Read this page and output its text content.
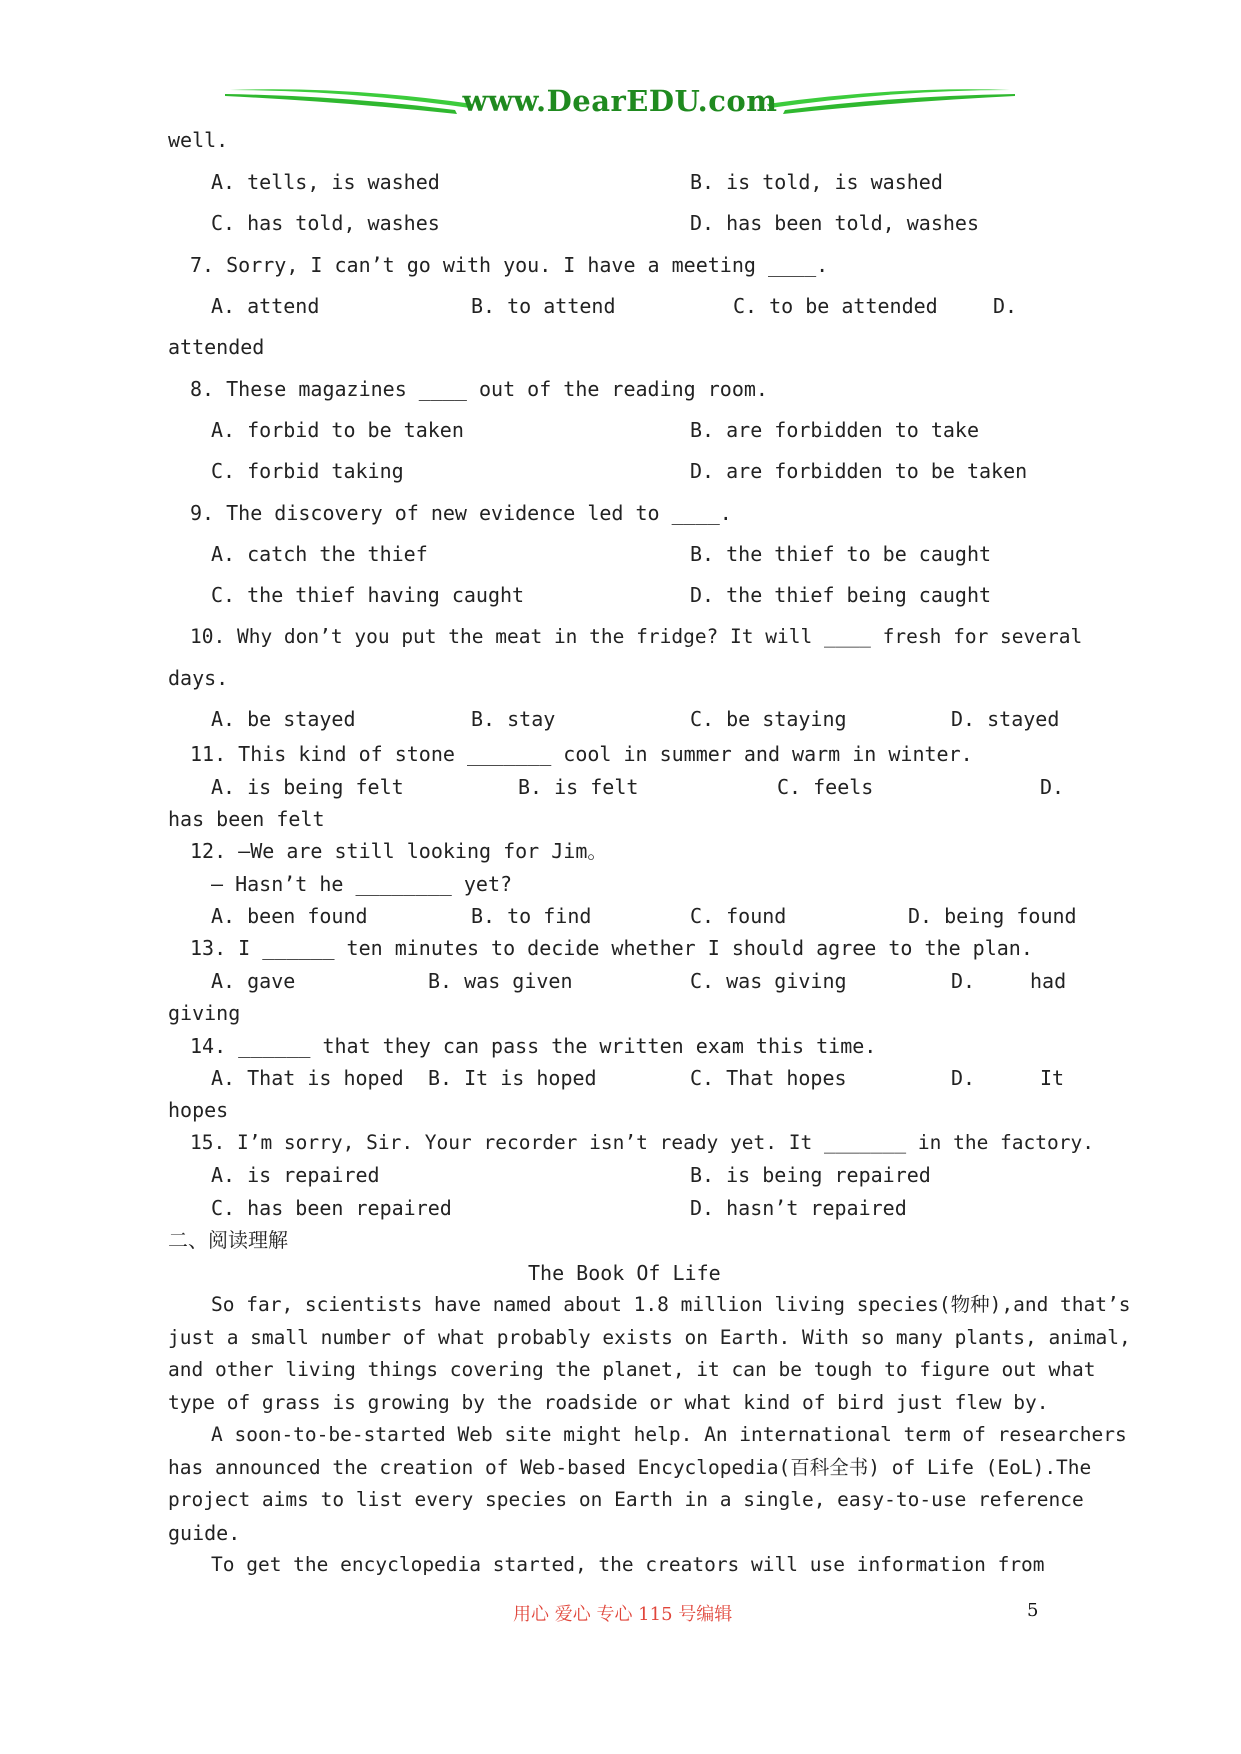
www.DearEDU.com
well.
A. tells, is washed	B. is told, is washed
C. has told, washes	D. has been told, washes
7. Sorry, I can’t go with you. I have a meeting ____.
A. attend	B. to attend	C. to be attended	D.
attended
8. These magazines ____ out of the reading room.
A. forbid to be taken	B. are forbidden to take
C. forbid taking	D. are forbidden to be taken
9. The discovery of new evidence led to ____.
A. catch the thief	B. the thief to be caught
C. the thief having caught	D. the thief being caught
10. Why don’t you put the meat in the fridge? It will ____ fresh for several
days.
A. be stayed	B. stay	C. be staying	D. stayed
11. This kind of stone _______ cool in summer and warm in winter.
A. is being felt	B. is felt	C. feels	D.
has been felt
12. —We are still looking for Jim。
— Hasn’t he ________ yet?
A. been found	B. to find	C. found	D. being found
13. I ______ ten minutes to decide whether I should agree to the plan.
A. gave	B. was given	C. was giving	D.	had
giving
14. ______ that they can pass the written exam this time.
A. That is hoped B. It is hoped	C. That hopes	D.	It
hopes
15. I’m sorry, Sir. Your recorder isn’t ready yet. It _______ in the factory.
A. is repaired	B. is being repaired
C. has been repaired	D. hasn’t repaired
二、阅读理解
The Book Of Life
So far, scientists have named about 1.8 million living species(物种),and that’s
just a small number of what probably exists on Earth. With so many plants, animal,
and other living things covering the planet, it can be tough to figure out what
type of grass is growing by the roadside or what kind of bird just flew by.
A soon-to-be-started Web site might help. An international term of researchers
has announced the creation of Web-based Encyclopedia(百科全书) of Life (EoL).The
project aims to list every species on Earth in a single, easy-to-use reference
guide.
To get the encyclopedia started, the creators will use information from
用心 爱心 专心 115 号编辑	5
